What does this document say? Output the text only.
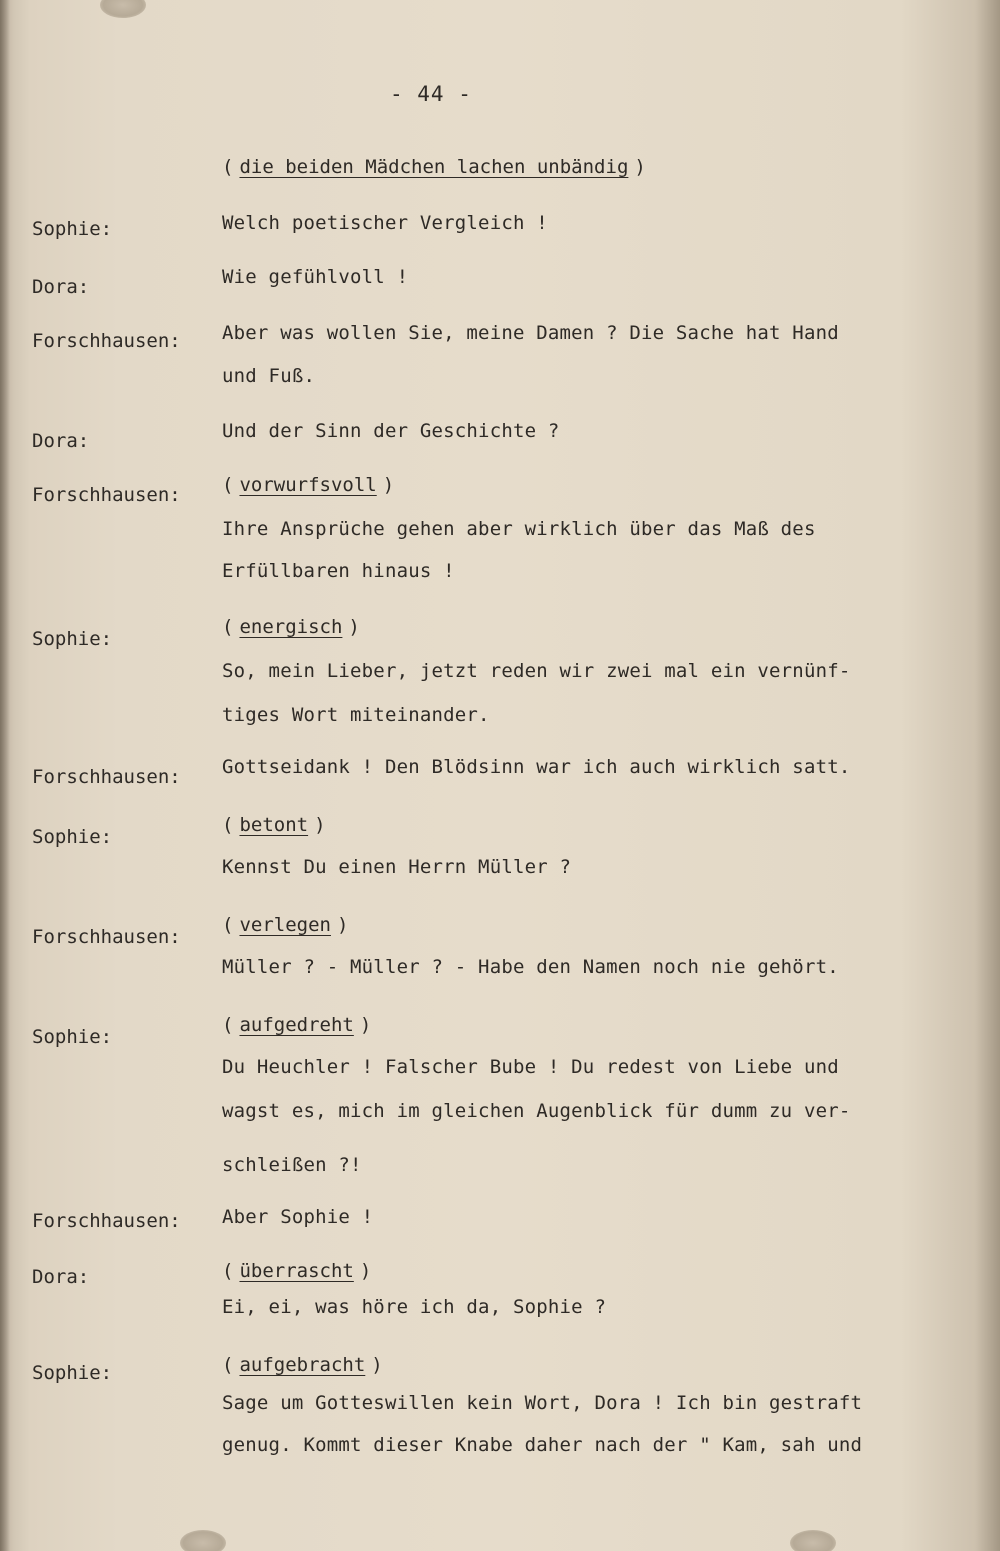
- 44 -
( die beiden Mädchen lachen unbändig )
Sophie:	Welch poetischer Vergleich !
Dora:	Wie gefühlvoll !
Forschhausen: Aber was wollen Sie, meine Damen ? Die Sache hat Hand
und Fuß.
Dora:	Und der Sinn der Geschichte ?
Forschhausen: ( vorwurfsvoll )
Ihre Ansprüche gehen aber wirklich über das Maß des
Erfüllbaren hinaus !
Sophie:
( energisch )
So, mein Lieber, jetzt reden wir zwei mal ein vernünf-
tiges Wort miteinander.
Forschhausen: Gottseidank ! Den Blödsinn war ich auch wirklich satt.
Sophie:
( betont )
Kennst Du einen Herrn Müller ?
Forschhausen:
( verlegen )
Müller ? - Müller ? - Habe den Namen noch nie gehört.
Sophie:
( aufgedreht )
Du Heuchler ! Falscher Bube ! Du redest von Liebe und
wagst es, mich im gleichen Augenblick für dumm zu ver-
schleißen ?!
Forschhausen: Aber Sophie !
Dora:	( überrascht )
Ei, ei, was höre ich da, Sophie ?
Sophie:	( aufgebracht )
Sage um Gotteswillen kein Wort, Dora ! Ich bin gestraft
genug. Kommt dieser Knabe daher nach der " Kam, sah und
